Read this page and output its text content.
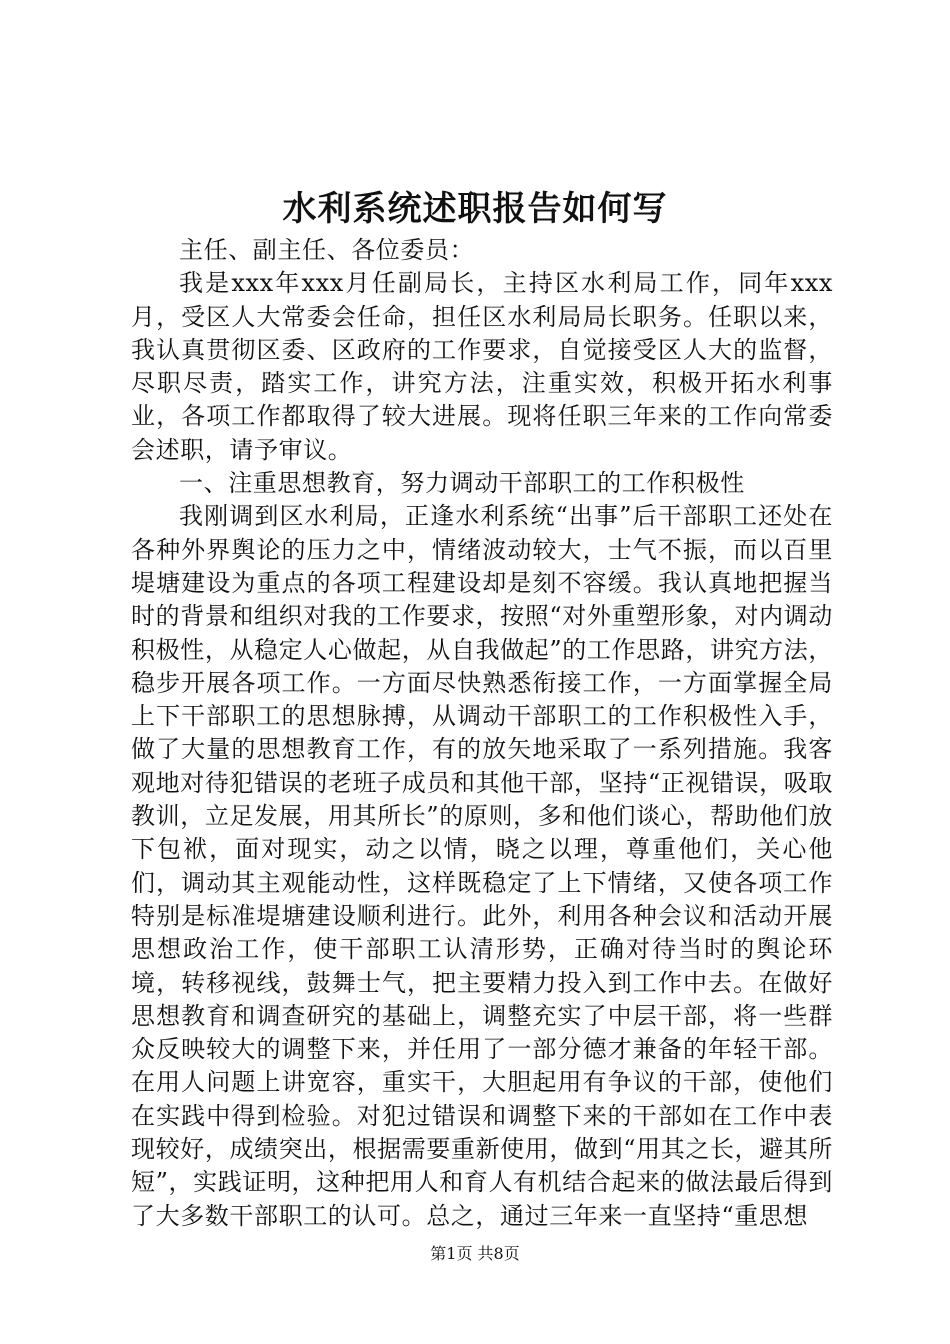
水利系统述职报告如何写

主任、副主任、各位委员：

我是xxx年xxx月任副局长，主持区水利局工作，同年xxx月，受区人大常委会任命，担任区水利局局长职务。任职以来，我认真贯彻区委、区政府的工作要求，自觉接受区人大的监督，尽职尽责，踏实工作，讲究方法，注重实效，积极开拓水利事业，各项工作都取得了较大进展。现将任职三年来的工作向常委会述职，请予审议。

一、注重思想教育，努力调动干部职工的工作积极性

我刚调到区水利局，正逢水利系统“出事”后干部职工还处在各种外界舆论的压力之中，情绪波动较大，士气不振，而以百里堤塘建设为重点的各项工程建设却是刻不容缓。我认真地把握当时的背景和组织对我的工作要求，按照“对外重塑形象，对内调动积极性，从稳定人心做起，从自我做起”的工作思路，讲究方法，稳步开展各项工作。一方面尽快熟悉衔接工作，一方面掌握全局上下干部职工的思想脉搏，从调动干部职工的工作积极性入手，做了大量的思想教育工作，有的放矢地采取了一系列措施。我客观地对待犯错误的老班子成员和其他干部，坚持“正视错误，吸取教训，立足发展，用其所长”的原则，多和他们谈心，帮助他们放下包袱，面对现实，动之以情，晓之以理，尊重他们，关心他们，调动其主观能动性，这样既稳定了上下情绪，又使各项工作特别是标准堤塘建设顺利进行。此外，利用各种会议和活动开展思想政治工作，使干部职工认清形势，正确对待当时的舆论环境，转移视线，鼓舞士气，把主要精力投入到工作中去。在做好思想教育和调查研究的基础上，调整充实了中层干部，将一些群众反映较大的调整下来，并任用了一部分德才兼备的年轻干部。在用人问题上讲宽容，重实干，大胆起用有争议的干部，使他们在实践中得到检验。对犯过错误和调整下来的干部如在工作中表现较好，成绩突出，根据需要重新使用，做到“用其之长，避其所短”，实践证明，这种把用人和育人有机结合起来的做法最后得到了大多数干部职工的认可。总之，通过三年来一直坚持“重思想

第1页 共8页
